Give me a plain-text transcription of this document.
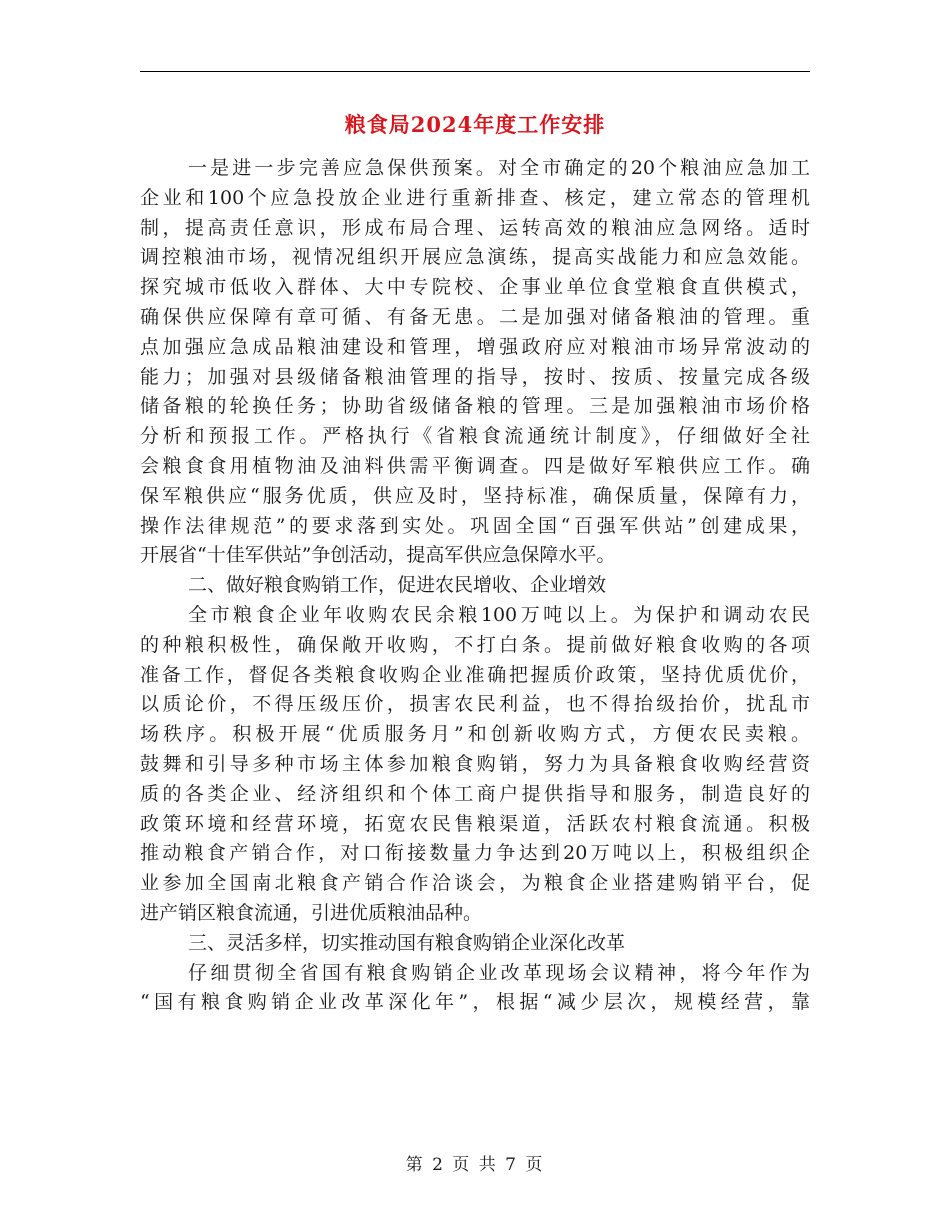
粮食局2024年度工作安排
一是进一步完善应急保供预案。对全市确定的20个粮油应急加工
企业和100个应急投放企业进行重新排查、核定，建立常态的管理机
制，提高责任意识，形成布局合理、运转高效的粮油应急网络。适时
调控粮油市场，视情况组织开展应急演练，提高实战能力和应急效能。
探究城市低收入群体、大中专院校、企事业单位食堂粮食直供模式，
确保供应保障有章可循、有备无患。二是加强对储备粮油的管理。重
点加强应急成品粮油建设和管理，增强政府应对粮油市场异常波动的
能力；加强对县级储备粮油管理的指导，按时、按质、按量完成各级
储备粮的轮换任务；协助省级储备粮的管理。三是加强粮油市场价格
分析和预报工作。严格执行《省粮食流通统计制度》，仔细做好全社
会粮食食用植物油及油料供需平衡调查。四是做好军粮供应工作。确
保军粮供应“服务优质，供应及时，坚持标准，确保质量，保障有力，
操作法律规范”的要求落到实处。巩固全国“百强军供站”创建成果，
开展省“十佳军供站”争创活动，提高军供应急保障水平。
二、做好粮食购销工作，促进农民增收、企业增效
全市粮食企业年收购农民余粮100万吨以上。为保护和调动农民
的种粮积极性，确保敞开收购，不打白条。提前做好粮食收购的各项
准备工作，督促各类粮食收购企业准确把握质价政策，坚持优质优价，
以质论价，不得压级压价，损害农民利益，也不得抬级抬价，扰乱市
场秩序。积极开展“优质服务月”和创新收购方式，方便农民卖粮。
鼓舞和引导多种市场主体参加粮食购销，努力为具备粮食收购经营资
质的各类企业、经济组织和个体工商户提供指导和服务，制造良好的
政策环境和经营环境，拓宽农民售粮渠道，活跃农村粮食流通。积极
推动粮食产销合作，对口衔接数量力争达到20万吨以上，积极组织企
业参加全国南北粮食产销合作洽谈会，为粮食企业搭建购销平台，促
进产销区粮食流通，引进优质粮油品种。
三、灵活多样，切实推动国有粮食购销企业深化改革
仔细贯彻全省国有粮食购销企业改革现场会议精神，将今年作为
“国有粮食购销企业改革深化年”，根据“减少层次，规模经营，靠
第 2 页 共 7 页
